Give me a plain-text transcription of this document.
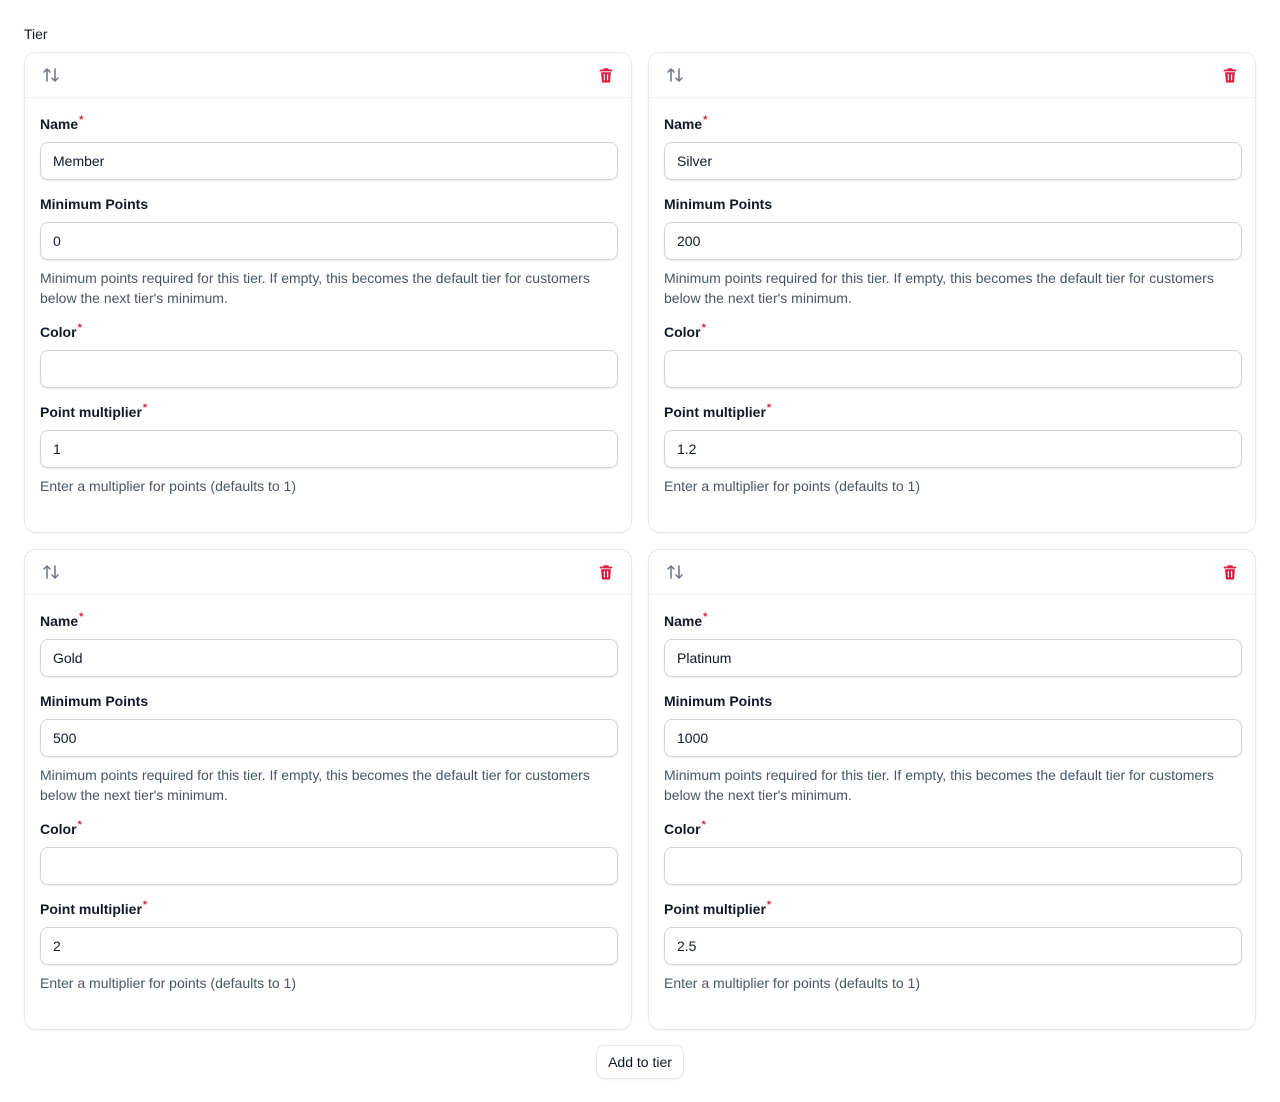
Tier
Name *
Member
Minimum Points
0
Minimum points required for this tier. If empty, this becomes the default tier for customers below the next tier's minimum.
Color *
Point multiplier *
1
Enter a multiplier for points (defaults to 1)
Name *
Silver
Minimum Points
200
Minimum points required for this tier. If empty, this becomes the default tier for customers below the next tier's minimum.
Color *
Point multiplier *
1.2
Enter a multiplier for points (defaults to 1)
Name *
Gold
Minimum Points
500
Minimum points required for this tier. If empty, this becomes the default tier for customers below the next tier's minimum.
Color *
Point multiplier *
2
Enter a multiplier for points (defaults to 1)
Name *
Platinum
Minimum Points
1000
Minimum points required for this tier. If empty, this becomes the default tier for customers below the next tier's minimum.
Color *
Point multiplier *
2.5
Enter a multiplier for points (defaults to 1)
Add to tier
